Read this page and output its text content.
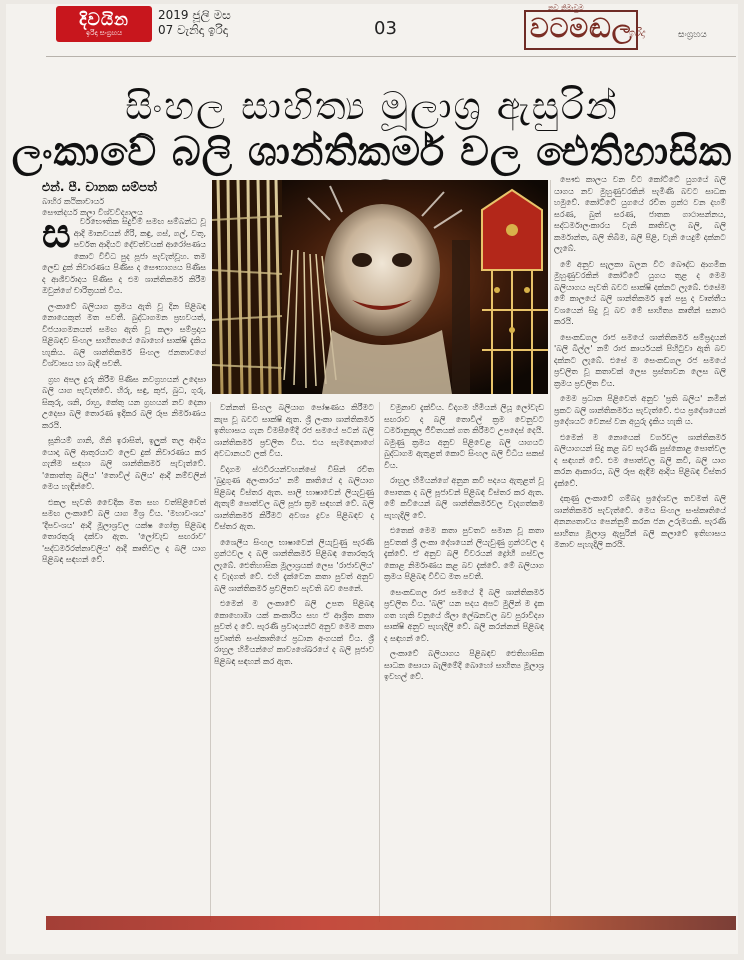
දිවයින
ඉරිදා සංග්‍රහය
2019 ජූලි මස
07 වැනිදා ඉරිදා	03
නව නිමැවුම
වටමඬල
ඉරිදා	සංග්‍රහය
සිංහල සාහිත්‍ය මූලාශ්‍ර ඇසුරින්
ලංකාවේ බලි ශාන්තිකර්ම වල ඓතිහාසික
එන්. පී. චානක සම්පත්
බාහිර කථිකාචාර්ය
සෞන්දර්ය කලා විශ්වවිද්‍යාලය
ස	ර්වභෞතික සිදුවීම් සමඟ සම්බන්ධ වූ ආදි මානවයන් ගිරි, කඳු, ගස්, ගල්, වතු, පර්වත ආදියට දේවත්වයක් ආරෝපණය කොට විවිධ පුද පූජා පැවැත්වූහ. තම ලෙඩ දුක් නිවාරණය පිණිස ද සෞභාග්‍යය පිණිස ද ආශීර්වාදය පිණිස ද එම ශාන්තිකර්ම කිරීම ඔවුන්ගේ චාරිත්‍රයක් විය.

ලංකාවේ බලියාග ක්‍රමය ඇති වූ දින පිළිබඳ නොයෙකුත් මත පවතී. බුද්ධාගමන ප්‍රභවයත්, විජයාගමනයත් සමඟ ඇති වූ කලා සම්ප්‍රදාය පිළිබඳව සිංහල සාහිත්‍යයේ බොහෝ සාක්ෂි දැකිය හැකිය. බලි ශාන්තිකර්ම සිංහල ජනතාවගේ විශ්වාසය හා බැඳී පවතී.

ග්‍රහ අපල දුරු කිරීම පිණිස නවග්‍රහයන් උදෙසා බලි යාග පැවැත්වේ. හිරු, සඳු, කුජ, බුධ, ගුරු, සිකුරු, ශනි, රාහු, කේතු යන ග්‍රහයන් නව දෙනා උදෙසා බලි තොරණ ඉදිකර බලි රූප නිර්මාණය කරයි.

සූනියම් ගානි, ගිනි ඉරාසිත්, ඉලුක් තල ආදිය යොදා බලි ආතුරයාට ලෙඩ දුක් නිවාරණය කර ගැනීම සඳහා බලි ශාන්තිකර්ම පැවැත්වේ. 'කොත්තු බලිය' 'තොවිල් බලිය' ආදී නම්වලින් මෙය හැඳින්වේ.

එකල පැවති වෛදික මත සහ වත්පිළිවෙත් සමඟ ලංකාවේ බලි යාග මිශ්‍ර විය. 'මහාවංශය' 'දීපවංශය' ආදී මූලාශ්‍රවල යක්ෂ ගෝත්‍ර පිළිබඳ තොරතුරු දක්වා ඇත. 'ලෝවැඩ සඟරාව' 'සද්ධර්මරත්නාවලිය' ආදී කෘතිවල ද බලි යාග පිළිබඳ සඳහන් වේ.

වන්නත් සිංහල බලියාග පෝෂණය කිරීමට කැප වූ බවට සාක්ෂි ඇත. ශ්‍රී ලංකා ශාන්තිකර්ම ඉතිහාසය ගැන විමසීමේදී රජ සමයේ පටන් බලි ශාන්තිකර්ම ප්‍රචලිත විය. එය සැමදෙනාගේ අවධානයට ලක් විය.

විදාගම ස්ථවිරයන්වහන්සේ විසින් රචිත 'බුදුගුණ අලංකාරය' නම් කෘතියේ ද බලියාග පිළිබඳ විස්තර ඇත. පාලි භාෂාවෙන් ලියැවුණු ඇතැම් පොත්වල බලි පූජා ක්‍රම සඳහන් වේ. බලි ශාන්තිකර්ම කිරීමට අවශ්‍ය ද්‍රව්‍ය පිළිබඳව ද විස්තර ඇත.

ශෛලීය සිංහල භාෂාවෙන් ලියැවුණු පැරණි ග්‍රන්ථවල ද බලි ශාන්තිකර්ම පිළිබඳ තොරතුරු ලැබේ. ඓතිහාසික මූලාශ්‍රයක් ලෙස 'රාජාවලිය' ද වැදගත් වේ. එහි දැක්වෙන කතා පුවත් අනුව බලි ශාන්තිකර්ම ප්‍රචලිතව පැවති බව පෙනේ.

එමෙන් ම ලංකාවේ බලි උපත පිළිබඳ කොහොඹා යක් කංකාරිය සහ ඒ ආශ්‍රිත කතා පුවත් ද වේ. පැරණි ප්‍රවාදයන්ට අනුව මෙම කතා ප්‍රවෘත්ති සංස්කෘතියේ ප්‍රධාන අංගයක් විය. ශ්‍රී රාහුල හිමියන්ගේ කාව්‍යශේඛරයේ ද බලි පූජාව පිළිබඳ සඳහන් කර ඇත.

වමුනාව දැක්විය. විදාගම හිමියන් ලියූ ලෝවැඩ සඟරාව ද බලි තොවිල් ක්‍රම වෙනුවට ධර්මානුකූල ජීවිතයක් ගත කිරීමට උපදෙස් දෙයි. බමුණු ක්‍රමය අනුව පිළිවෙළ බලි යාගයට බුද්ධාගම ඇතුළත් කොට සිංහල බලි විධිය සකස් විය.

රාහුල හිමියන්ගේ අනුන කවි පද්‍යය ඇතුළත් වූ පොතක ද බලි පූජාවන් පිළිබඳ විස්තර කර ඇත. මේ කවියෙන් බලි ශාන්තිකර්මවල වැදගත්කම පැහැදිලි වේ.

එතෙක් මෙම කතා පුවතට සමාන වූ කතා පුවතක් ශ්‍රී ලංකා දේශයෙන් ලියැවුණු ග්‍රන්ථවල ද දැක්වේ. ඒ අනුව බලි විවරයන් ද්‍රෝහී ගස්වල කොළ නිර්මාණය කළ බව දැක්වේ. මේ බලියාග ක්‍රමය පිළිබඳ විවිධ මත පවතී.

සෙංකඩගල රාජ සමයේ දී බලි ශාන්තිකර්ම ප්‍රචලිත විය. 'බලි' යන පදය අපට මුලින් ම දැක ගත හැකි වනුයේ ශිලා ලේඛනවල බව පුරාවිද්‍යා සාක්ෂි අනුව පැහැදිලි වේ. බලි කරන්නන් පිළිබඳ ද සඳහන් වේ.

ලංකාවේ බලියාගය පිළිබඳව ඓතිහාසික සාධක සොයා බැලීමේදී බොහෝ සාහිත්‍ය මූලාශ්‍ර ඉවහල් වේ.

පෞඪ කාලය වන විට කෝට්ටේ යුගයේ බලි යාගය නව මුහුණුවරකින් පැමිණි බවට සාධක හමුවේ. කෝට්ටේ යුගයේ රචිත ග්‍රන්ථ වන දහම් සරණ, බුත් සරණ, ජාතක ගාථාසන්නය, සද්ධර්මාලංකාරය වැනි කෘතිවල බලි, බලි කර්මාන්ත, බලි තිබීම, බලි පිළි, වැනි යෙදුම් දක්නට ලැබේ.

මේ අනුව සැලකා බලන විට බෞද්ධ ආගමික මුහුණුවරකින් කෝට්ටේ යුගය තුළ ද මෙම බලියාගය පැවති බවට සාක්ෂි දක්නට ලැබේ. එසේම මේ කාලයේ බලි ශාන්තිකර්ම ඉන් පසු ද වෘත්තීය වශයෙන් සිදු වූ බව මේ සාහිත්‍ය කෘතීන් සනාථ කරයි.

සෙංකඩගල රාජ සමයේ ශාන්තිකර්ම සම්ප්‍රදායන් 'බලි බිල්ල' නම් රාජ කාර්යයක් පිහිටුවා ඇති බව දක්නට ලැබේ. එසේ ම සෙංකඩගල රජ සමයේ ප්‍රචලිත වූ කතාවක් ලෙස ප්‍රස්තාවන ලෙස බලි ක්‍රමය ප්‍රචලිත විය.

මෙම ප්‍රධාන පිළිවෙත් අනුව 'ප්‍රති බලිය' නමින් ප්‍රකට බලි ශාන්තිකර්මය පැවැත්වේ. එය ප්‍රදේශයෙන් ප්‍රදේශයට වෙනස් වන අයුරු දැකිය හැකි ය.

එමෙන් ම නොයෙක් වර්ගවල ශාන්තිකර්ම බලියාගයන් සිදු කළ බව පැරණි පුස්කොළ පොත්වල ද සඳහන් වේ. එම පොත්වල බලි කවි, බලි යාග කරන ආකාරය, බලි රූප ඇඳීම ආදිය පිළිබඳ විස්තර දැක්වේ.

දකුණු ලංකාවේ ගම්බද ප්‍රදේශවල තවමත් බලි ශාන්තිකර්ම පැවැත්වේ. මෙය සිංහල සංස්කෘතියේ අනන්‍යතාවය පෙන්නුම් කරන ජන උරුමයකි. පැරණි සාහිත්‍ය මූලාශ්‍ර ඇසුරින් බලි කලාවේ ඉතිහාසය මනාව පැහැදිලි කරයි.
